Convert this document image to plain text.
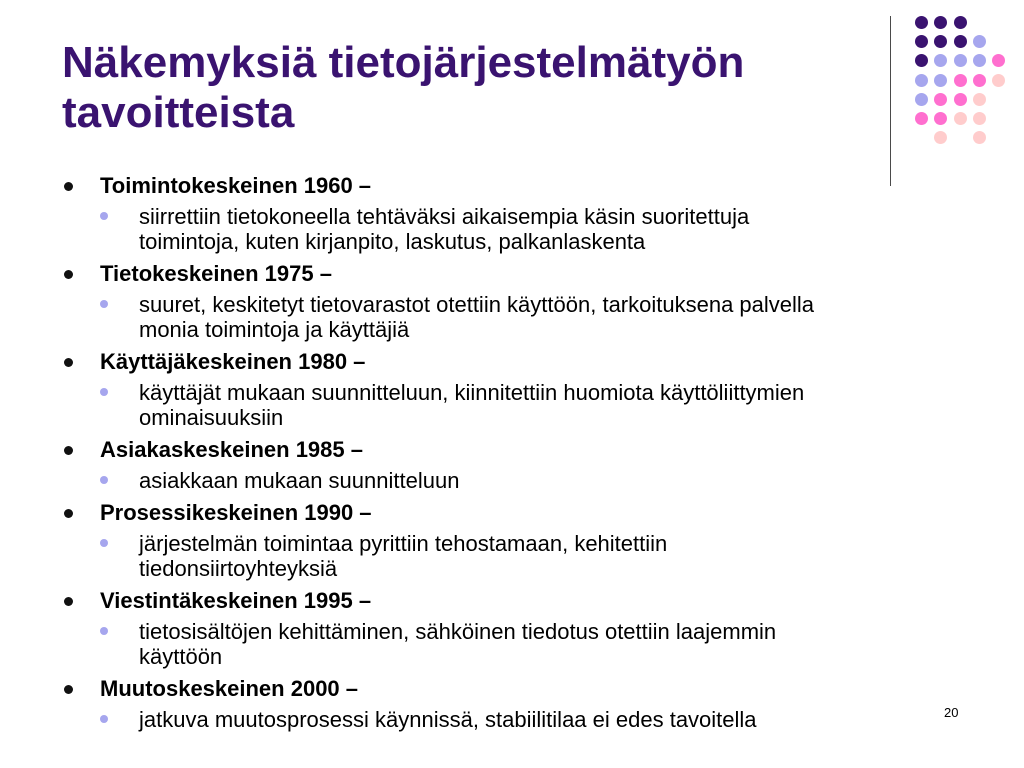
Näkemyksiä tietojärjestelmätyön
tavoitteista
Toimintokeskeinen 1960 –
siirrettiin tietokoneella tehtäväksi aikaisempia käsin suoritettuja
toimintoja, kuten kirjanpito, laskutus, palkanlaskenta
Tietokeskeinen 1975 –
suuret, keskitetyt tietovarastot otettiin käyttöön, tarkoituksena palvella
monia toimintoja ja käyttäjiä
Käyttäjäkeskeinen 1980 –
käyttäjät mukaan suunnitteluun, kiinnitettiin huomiota käyttöliittymien
ominaisuuksiin
Asiakaskeskeinen 1985 –
asiakkaan mukaan suunnitteluun
Prosessikeskeinen 1990 –
järjestelmän toimintaa pyrittiin tehostamaan, kehitettiin
tiedonsiirtoyhteyksiä
Viestintäkeskeinen 1995 –
tietosisältöjen kehittäminen, sähköinen tiedotus otettiin laajemmin
käyttöön
Muutoskeskeinen 2000 –
jatkuva muutosprosessi käynnissä, stabiilitilaa ei edes tavoitella	20
